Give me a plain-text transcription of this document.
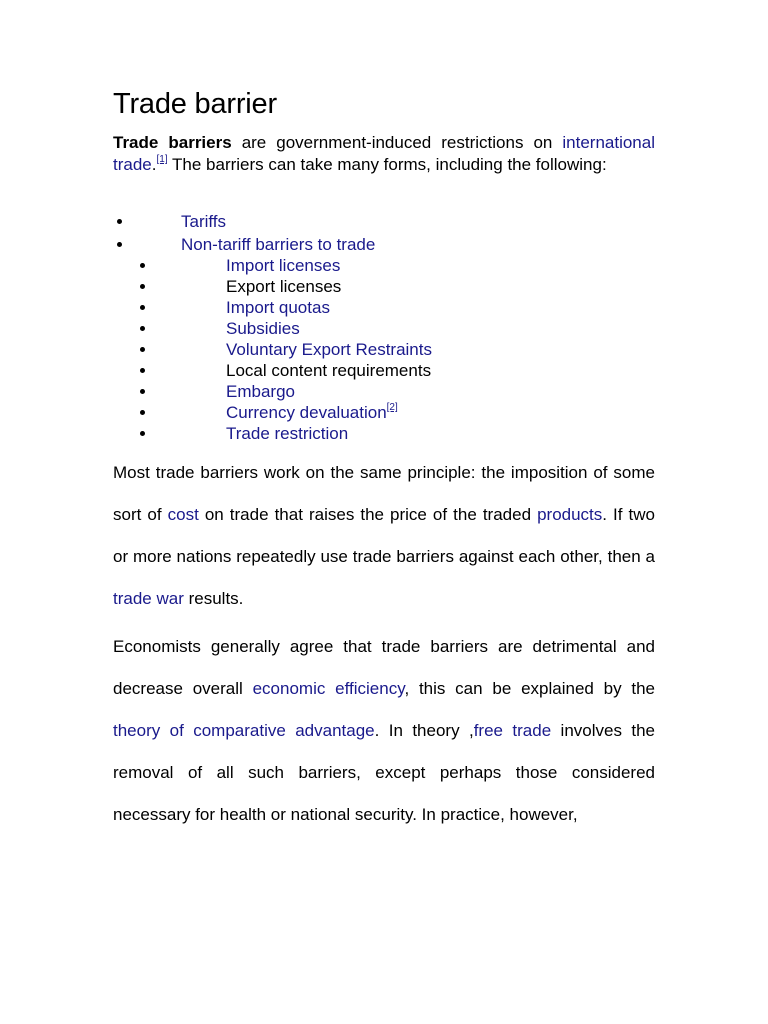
Trade barrier

Trade barriers are government-induced restrictions on international trade.[1] The barriers can take many forms, including the following:

Tariffs
Non-tariff barriers to trade
Import licenses
Export licenses
Import quotas
Subsidies
Voluntary Export Restraints
Local content requirements
Embargo
Currency devaluation[2]
Trade restriction

Most trade barriers work on the same principle: the imposition of some sort of cost on trade that raises the price of the traded products. If two or more nations repeatedly use trade barriers against each other, then a trade war results.

Economists generally agree that trade barriers are detrimental and decrease overall economic efficiency, this can be explained by the theory of comparative advantage. In theory ,free trade involves the removal of all such barriers, except perhaps those considered necessary for health or national security. In practice, however,
